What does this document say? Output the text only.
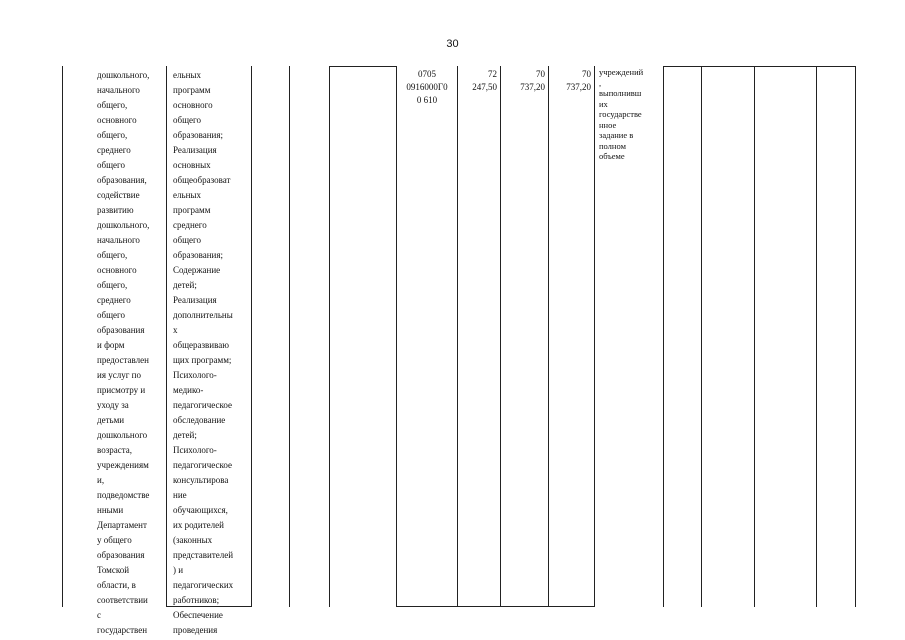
30
дошкольного,
начального
общего,
основного
общего,
среднего
общего
образования,
содействие
развитию
дошкольного,
начального
общего,
основного
общего,
среднего
общего
образования
и форм
предоставлен
ия услуг по
присмотру и
уходу за
детьми
дошкольного
возраста,
учреждениям
и,
подведомстве
нными
Департамент
у общего
образования
Томской
области, в
соответствии
с
государствен
ельных
программ
основного
общего
образования;
Реализация
основных
общеобразоват
ельных
программ
среднего
общего
образования;
Содержание
детей;
Реализация
дополнительны
х
общеразвиваю
щих программ;
Психолого-
медико-
педагогическое
обследование
детей;
Психолого-
педагогическое
консультирова
ние
обучающихся,
их родителей
(законных
представителей
) и
педагогических
работников;
Обеспечение
проведения
0705
0916000Г0
0 610
72
247,50
70
737,20
70
737,20
учреждений
,
выполнивш
их
государстве
нное
задание в
полном
объеме
